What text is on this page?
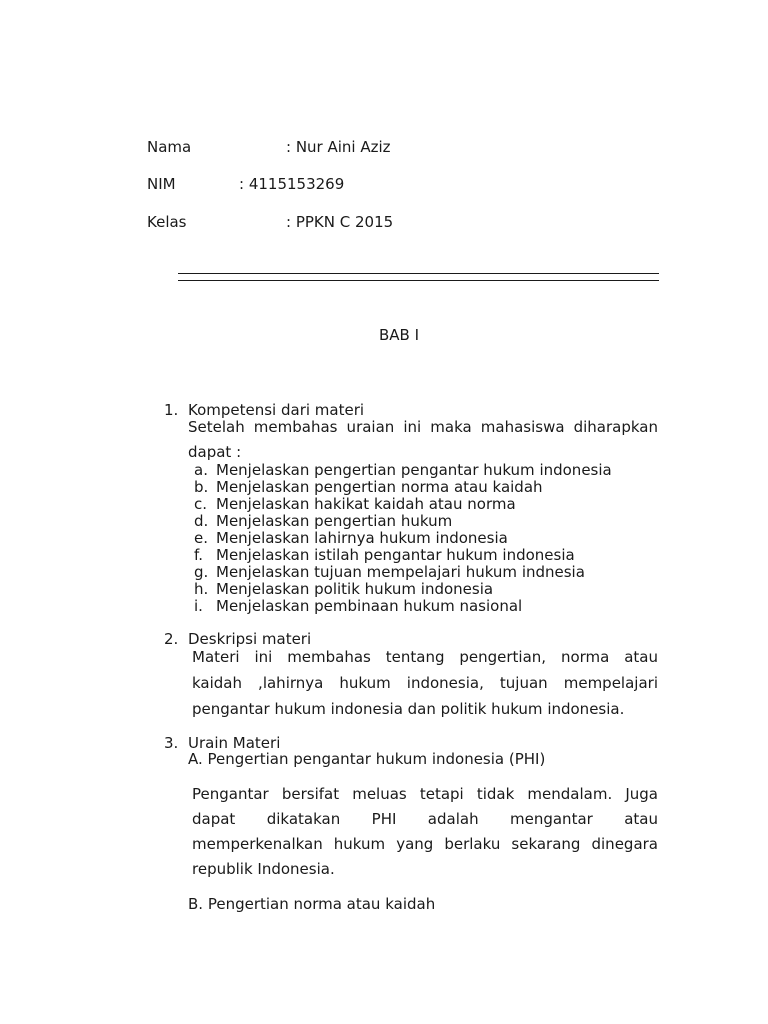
Nama	: Nur Aini Aziz
NIM	: 4115153269
Kelas	: PPKN C 2015
BAB I
1. Kompetensi dari materi
Setelah membahas uraian ini maka mahasiswa diharapkan
dapat :
a. Menjelaskan pengertian pengantar hukum indonesia
b. Menjelaskan pengertian norma atau kaidah
c. Menjelaskan hakikat kaidah atau norma
d. Menjelaskan pengertian hukum
e. Menjelaskan lahirnya hukum indonesia
f. Menjelaskan istilah pengantar hukum indonesia
g. Menjelaskan tujuan mempelajari hukum indnesia
h. Menjelaskan politik hukum indonesia
i. Menjelaskan pembinaan hukum nasional
2. Deskripsi materi
Materi ini membahas tentang pengertian, norma atau
kaidah ,lahirnya hukum indonesia, tujuan mempelajari
pengantar hukum indonesia dan politik hukum indonesia.
3. Urain Materi
A. Pengertian pengantar hukum indonesia (PHI)
Pengantar bersifat meluas tetapi tidak mendalam. Juga
dapat dikatakan PHI adalah mengantar atau
memperkenalkan hukum yang berlaku sekarang dinegara
republik Indonesia.
B. Pengertian norma atau kaidah
